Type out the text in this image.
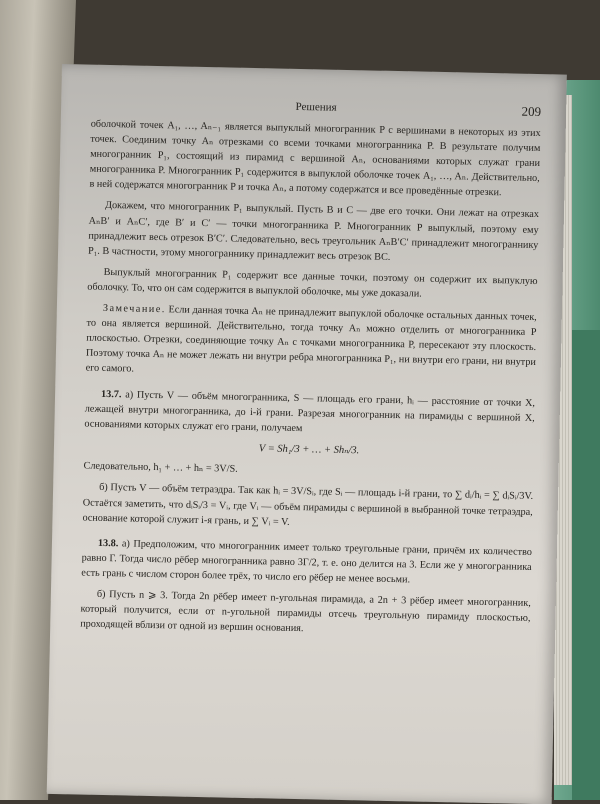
Решения	209

оболочкой точек A₁, …, Aₙ₋₁ является выпуклый многогранник P с вершинами в некоторых из этих точек. Соединим точку Aₙ отрезками со всеми точками многогранника P. В результате получим многогранник P₁, состоящий из пирамид с вершиной Aₙ, основаниями которых служат грани многогранника P. Многогранник P₁ содержится в выпуклой оболочке точек A₁, …, Aₙ. Действительно, в ней содержатся многогранник P и точка Aₙ, а потому содержатся и все проведённые отрезки.

Докажем, что многогранник P₁ выпуклый. Пусть B и C — две его точки. Они лежат на отрезках AₙB′ и AₙC′, где B′ и C′ — точки многогранника P. Многогранник P выпуклый, поэтому ему принадлежит весь отрезок B′C′. Следовательно, весь треугольник AₙB′C′ принадлежит многограннику P₁. В частности, этому многограннику принадлежит весь отрезок BC.

Выпуклый многогранник P₁ содержит все данные точки, поэтому он содержит их выпуклую оболочку. То, что он сам содержится в выпуклой оболочке, мы уже доказали.

Замечание. Если данная точка Aₙ не принадлежит выпуклой оболочке остальных данных точек, то она является вершиной. Действительно, тогда точку Aₙ можно отделить от многогранника P плоскостью. Отрезки, соединяющие точку Aₙ с точками многогранника P, пересекают эту плоскость. Поэтому точка Aₙ не может лежать ни внутри ребра многогранника P₁, ни внутри его грани, ни внутри его самого.

13.7. а) Пусть V — объём многогранника, S — площадь его грани, hᵢ — расстояние от точки X, лежащей внутри многогранника, до i-й грани. Разрезая многогранник на пирамиды с вершиной X, основаниями которых служат его грани, получаем

V = Sh₁/3 + … + Shₙ/3.

Следовательно, h₁ + … + hₙ = 3V/S.

б) Пусть V — объём тетраэдра. Так как hᵢ = 3V/Sᵢ, где Sᵢ — площадь i-й грани, то ∑ dᵢ/hᵢ = ∑ dᵢSᵢ/3V. Остаётся заметить, что dᵢSᵢ/3 = Vᵢ, где Vᵢ — объём пирамиды с вершиной в выбранной точке тетраэдра, основание которой служит i-я грань, и ∑ Vᵢ = V.

13.8. а) Предположим, что многогранник имеет только треугольные грани, причём их количество равно Г. Тогда число рёбер многогранника равно 3Г/2, т. е. оно делится на 3. Если же у многогранника есть грань с числом сторон более трёх, то число его рёбер не менее восьми.

б) Пусть n ⩾ 3. Тогда 2n рёбер имеет n-угольная пирамида, а 2n + 3 рёбер имеет многогранник, который получится, если от n-угольной пирамиды отсечь треугольную пирамиду плоскостью, проходящей вблизи от одной из вершин основания.
